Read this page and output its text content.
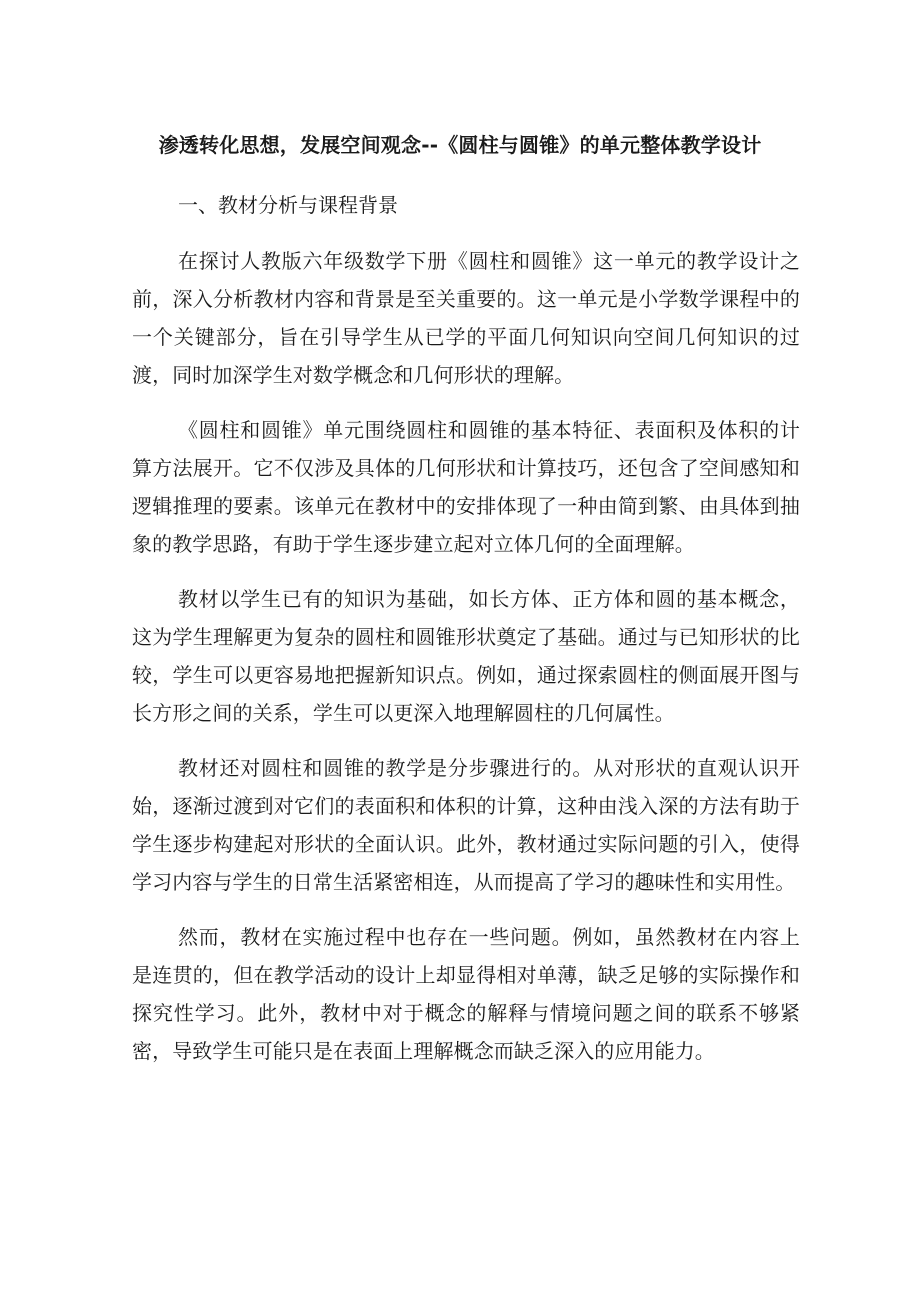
渗透转化思想，发展空间观念--《圆柱与圆锥》的单元整体教学设计
一、教材分析与课程背景

在探讨人教版六年级数学下册《圆柱和圆锥》这一单元的教学设计之前，深入分析教材内容和背景是至关重要的。这一单元是小学数学课程中的一个关键部分，旨在引导学生从已学的平面几何知识向空间几何知识的过渡，同时加深学生对数学概念和几何形状的理解。

《圆柱和圆锥》单元围绕圆柱和圆锥的基本特征、表面积及体积的计算方法展开。它不仅涉及具体的几何形状和计算技巧，还包含了空间感知和逻辑推理的要素。该单元在教材中的安排体现了一种由简到繁、由具体到抽象的教学思路，有助于学生逐步建立起对立体几何的全面理解。

教材以学生已有的知识为基础，如长方体、正方体和圆的基本概念，这为学生理解更为复杂的圆柱和圆锥形状奠定了基础。通过与已知形状的比较，学生可以更容易地把握新知识点。例如，通过探索圆柱的侧面展开图与长方形之间的关系，学生可以更深入地理解圆柱的几何属性。

教材还对圆柱和圆锥的教学是分步骤进行的。从对形状的直观认识开始，逐渐过渡到对它们的表面积和体积的计算，这种由浅入深的方法有助于学生逐步构建起对形状的全面认识。此外，教材通过实际问题的引入，使得学习内容与学生的日常生活紧密相连，从而提高了学习的趣味性和实用性。

然而，教材在实施过程中也存在一些问题。例如，虽然教材在内容上是连贯的，但在教学活动的设计上却显得相对单薄，缺乏足够的实际操作和探究性学习。此外，教材中对于概念的解释与情境问题之间的联系不够紧密，导致学生可能只是在表面上理解概念而缺乏深入的应用能力。
